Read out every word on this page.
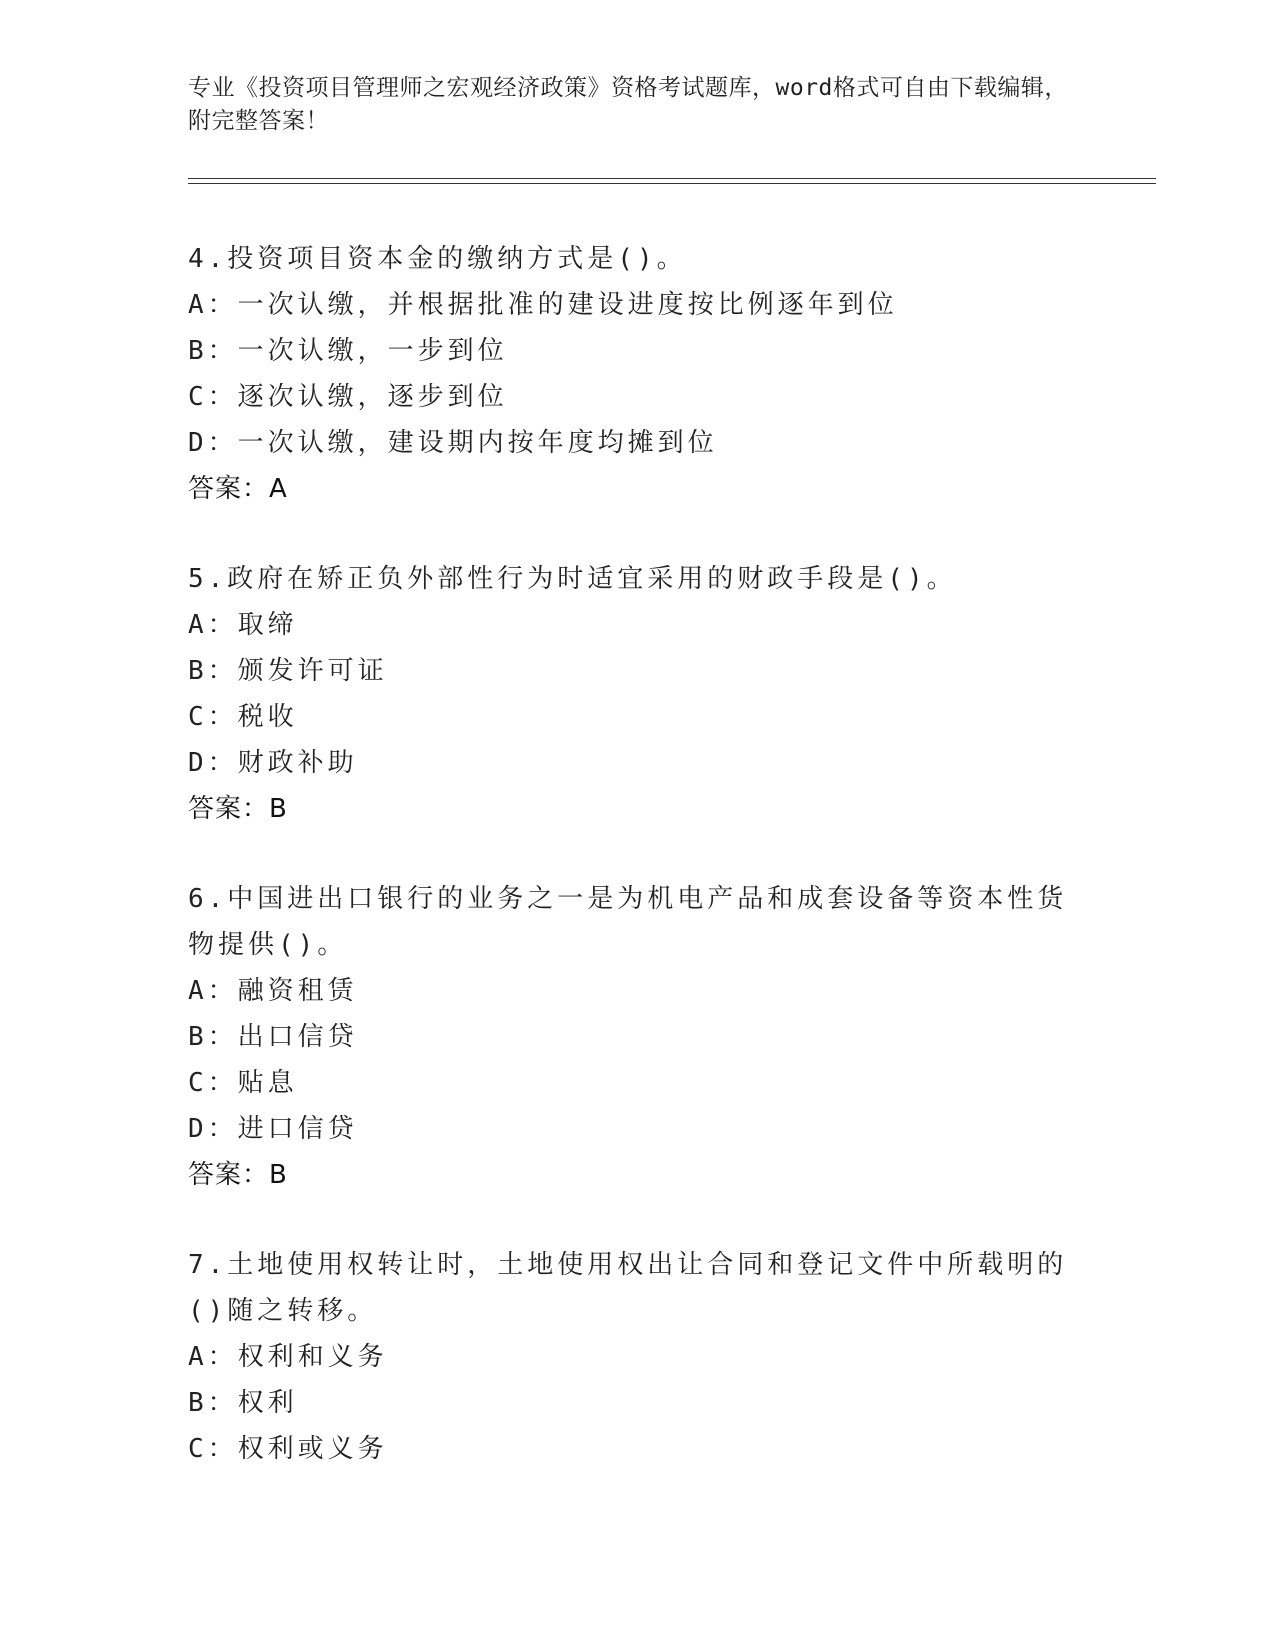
专业《投资项目管理师之宏观经济政策》资格考试题库，word格式可自由下载编辑，附完整答案！
4.投资项目资本金的缴纳方式是()。
A：一次认缴，并根据批准的建设进度按比例逐年到位
B：一次认缴，一步到位
C：逐次认缴，逐步到位
D：一次认缴，建设期内按年度均摊到位
答案：A
5.政府在矫正负外部性行为时适宜采用的财政手段是()。
A：取缔
B：颁发许可证
C：税收
D：财政补助
答案：B
6.中国进出口银行的业务之一是为机电产品和成套设备等资本性货物提供()。
A：融资租赁
B：出口信贷
C：贴息
D：进口信贷
答案：B
7.土地使用权转让时，土地使用权出让合同和登记文件中所载明的()随之转移。
A：权利和义务
B：权利
C：权利或义务
